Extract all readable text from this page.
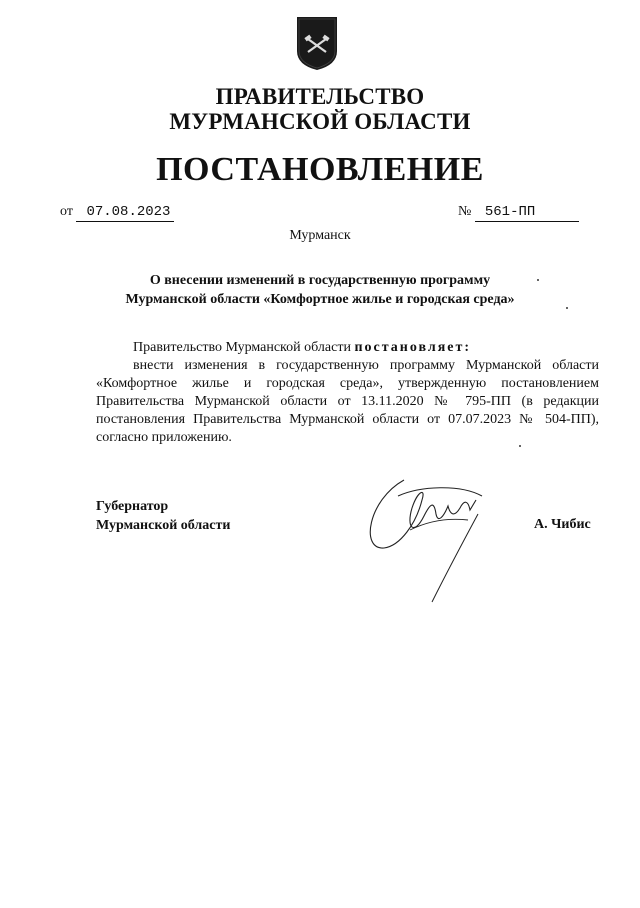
ПРАВИТЕЛЬСТВО
МУРМАНСКОЙ ОБЛАСТИ
ПОСТАНОВЛЕНИЕ
от 07.08.2023	№ 561-ПП
Мурманск
О внесении изменений в государственную программу
Мурманской области «Комфортное жилье и городская среда»
Правительство Мурманской области постановляет:

внести изменения в государственную программу Мурманской области «Комфортное жилье и городская среда», утвержденную постановлением Правительства Мурманской области от 13.11.2020 № 795-ПП (в редакции постановления Правительства Мурманской области от 07.07.2023 № 504-ПП), согласно приложению.

Губернатор
Мурманской области	А. Чибис
